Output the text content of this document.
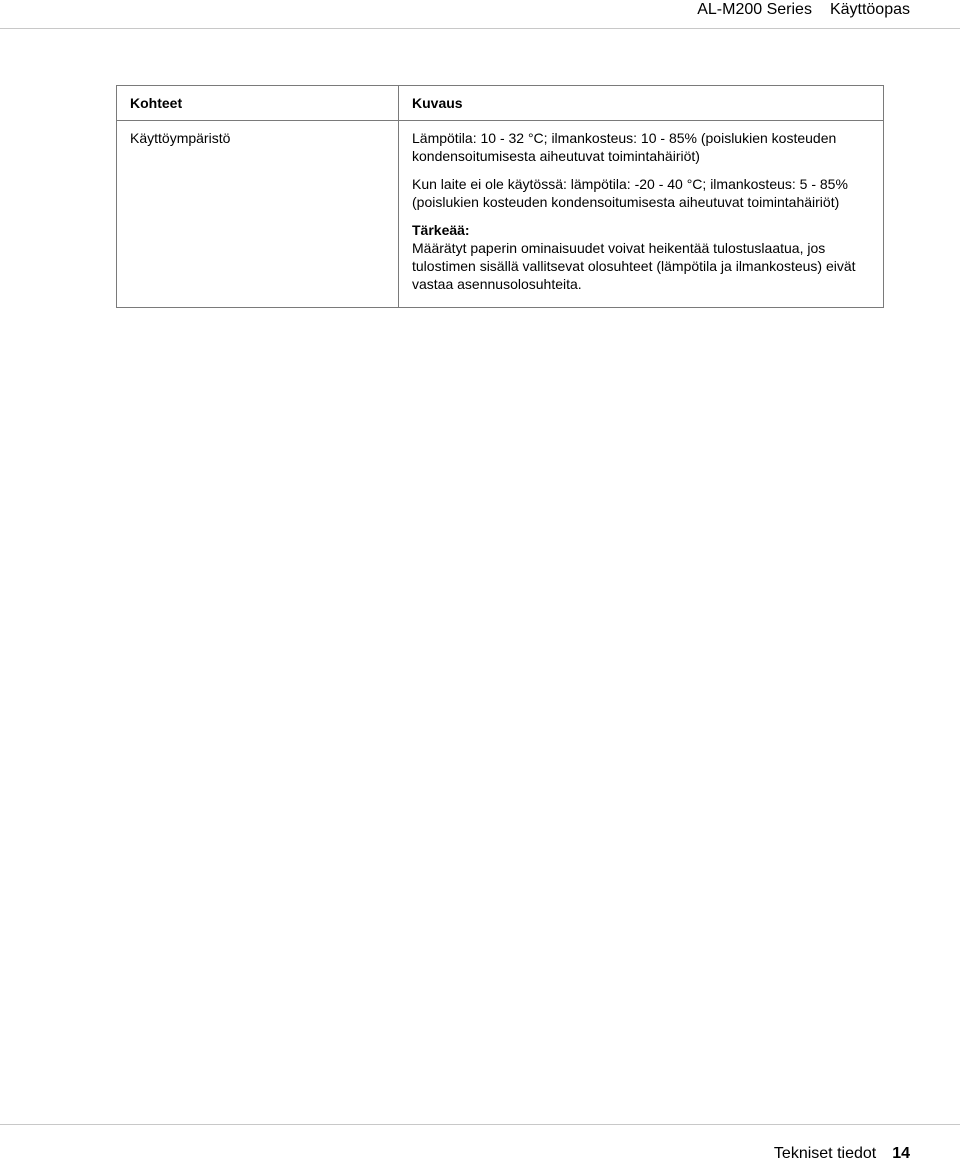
AL-M200 Series Käyttöopas
Kohteet	Kuvaus
Käyttöympäristö	Lämpötila: 10 - 32 °C; ilmankosteus: 10 - 85% (poislukien kosteuden kondensoitumisesta aiheutuvat toimintahäiriöt)

Kun laite ei ole käytössä: lämpötila: -20 - 40 °C; ilmankosteus: 5 - 85% (poislukien kosteuden kondensoitumisesta aiheutuvat toimintahäiriöt)

Tärkeää:
Määrätyt paperin ominaisuudet voivat heikentää tulostuslaatua, jos tulostimen sisällä vallitsevat olosuhteet (lämpötila ja ilmankosteus) eivät vastaa asennusolosuhteita.

Tekniset tiedot 14
